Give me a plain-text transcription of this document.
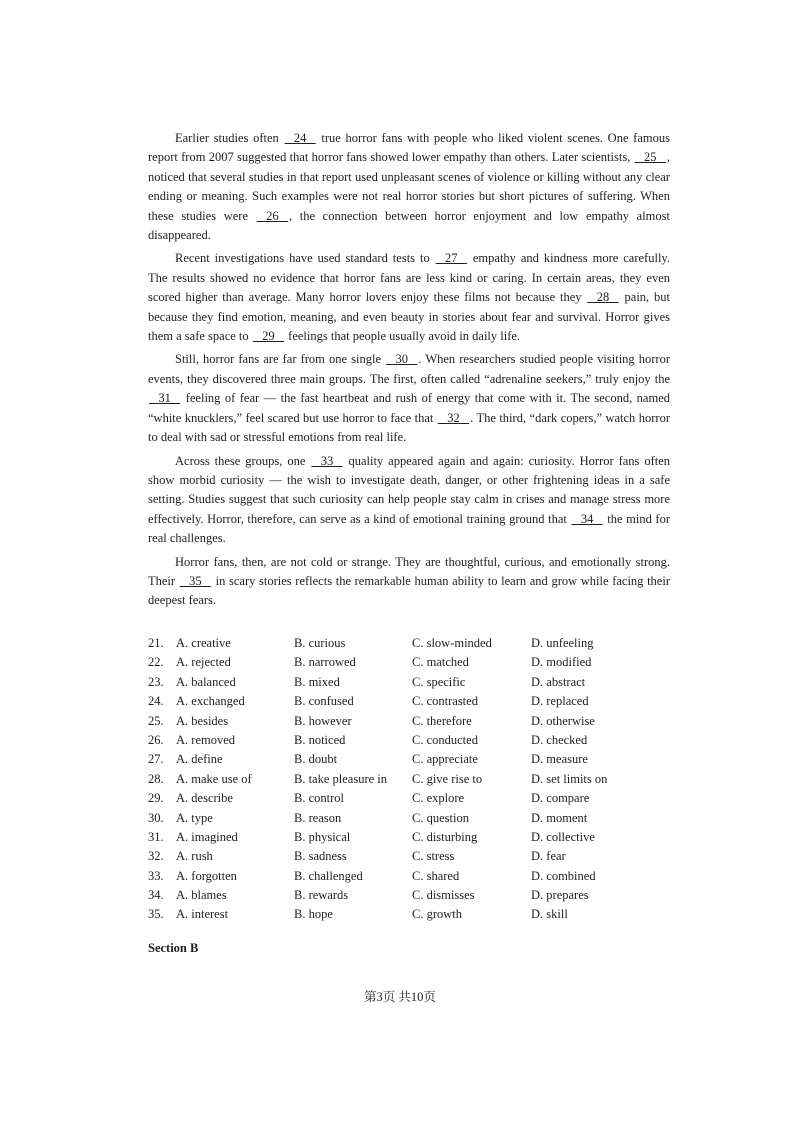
Earlier studies often    24    true horror fans with people who liked violent scenes. One famous report from 2007 suggested that horror fans showed lower empathy than others. Later scientists,    25   , noticed that several studies in that report used unpleasant scenes of violence or killing without any clear ending or meaning. Such examples were not real horror stories but short pictures of suffering. When these studies were    26   , the connection between horror enjoyment and low empathy almost disappeared.

Recent investigations have used standard tests to    27    empathy and kindness more carefully. The results showed no evidence that horror fans are less kind or caring. In certain areas, they even scored higher than average. Many horror lovers enjoy these films not because they    28    pain, but because they find emotion, meaning, and even beauty in stories about fear and survival. Horror gives them a safe space to    29    feelings that people usually avoid in daily life.

Still, horror fans are far from one single    30   . When researchers studied people visiting horror events, they discovered three main groups. The first, often called “adrenaline seekers,” truly enjoy the    31    feeling of fear — the fast heartbeat and rush of energy that come with it. The second, named “white knucklers,” feel scared but use horror to face that    32   . The third, “dark copers,” watch horror to deal with sad or stressful emotions from real life.

Across these groups, one    33    quality appeared again and again: curiosity. Horror fans often show morbid curiosity — the wish to investigate death, danger, or other frightening ideas in a safe setting. Studies suggest that such curiosity can help people stay calm in crises and manage stress more effectively. Horror, therefore, can serve as a kind of emotional training ground that    34    the mind for real challenges.

Horror fans, then, are not cold or strange. They are thoughtful, curious, and emotionally strong. Their    35    in scary stories reflects the remarkable human ability to learn and grow while facing their deepest fears.

21. A. creative	B. curious	C. slow-minded	D. unfeeling
22. A. rejected	B. narrowed	C. matched	D. modified
23. A. balanced	B. mixed	C. specific	D. abstract
24. A. exchanged	B. confused	C. contrasted	D. replaced
25. A. besides	B. however	C. therefore	D. otherwise
26. A. removed	B. noticed	C. conducted	D. checked
27. A. define	B. doubt	C. appreciate	D. measure
28. A. make use of	B. take pleasure in	C. give rise to	D. set limits on
29. A. describe	B. control	C. explore	D. compare
30. A. type	B. reason	C. question	D. moment
31. A. imagined	B. physical	C. disturbing	D. collective
32. A. rush	B. sadness	C. stress	D. fear
33. A. forgotten	B. challenged	C. shared	D. combined
34. A. blames	B. rewards	C. dismisses	D. prepares
35. A. interest	B. hope	C. growth	D. skill
Section B
第3页 共10页
